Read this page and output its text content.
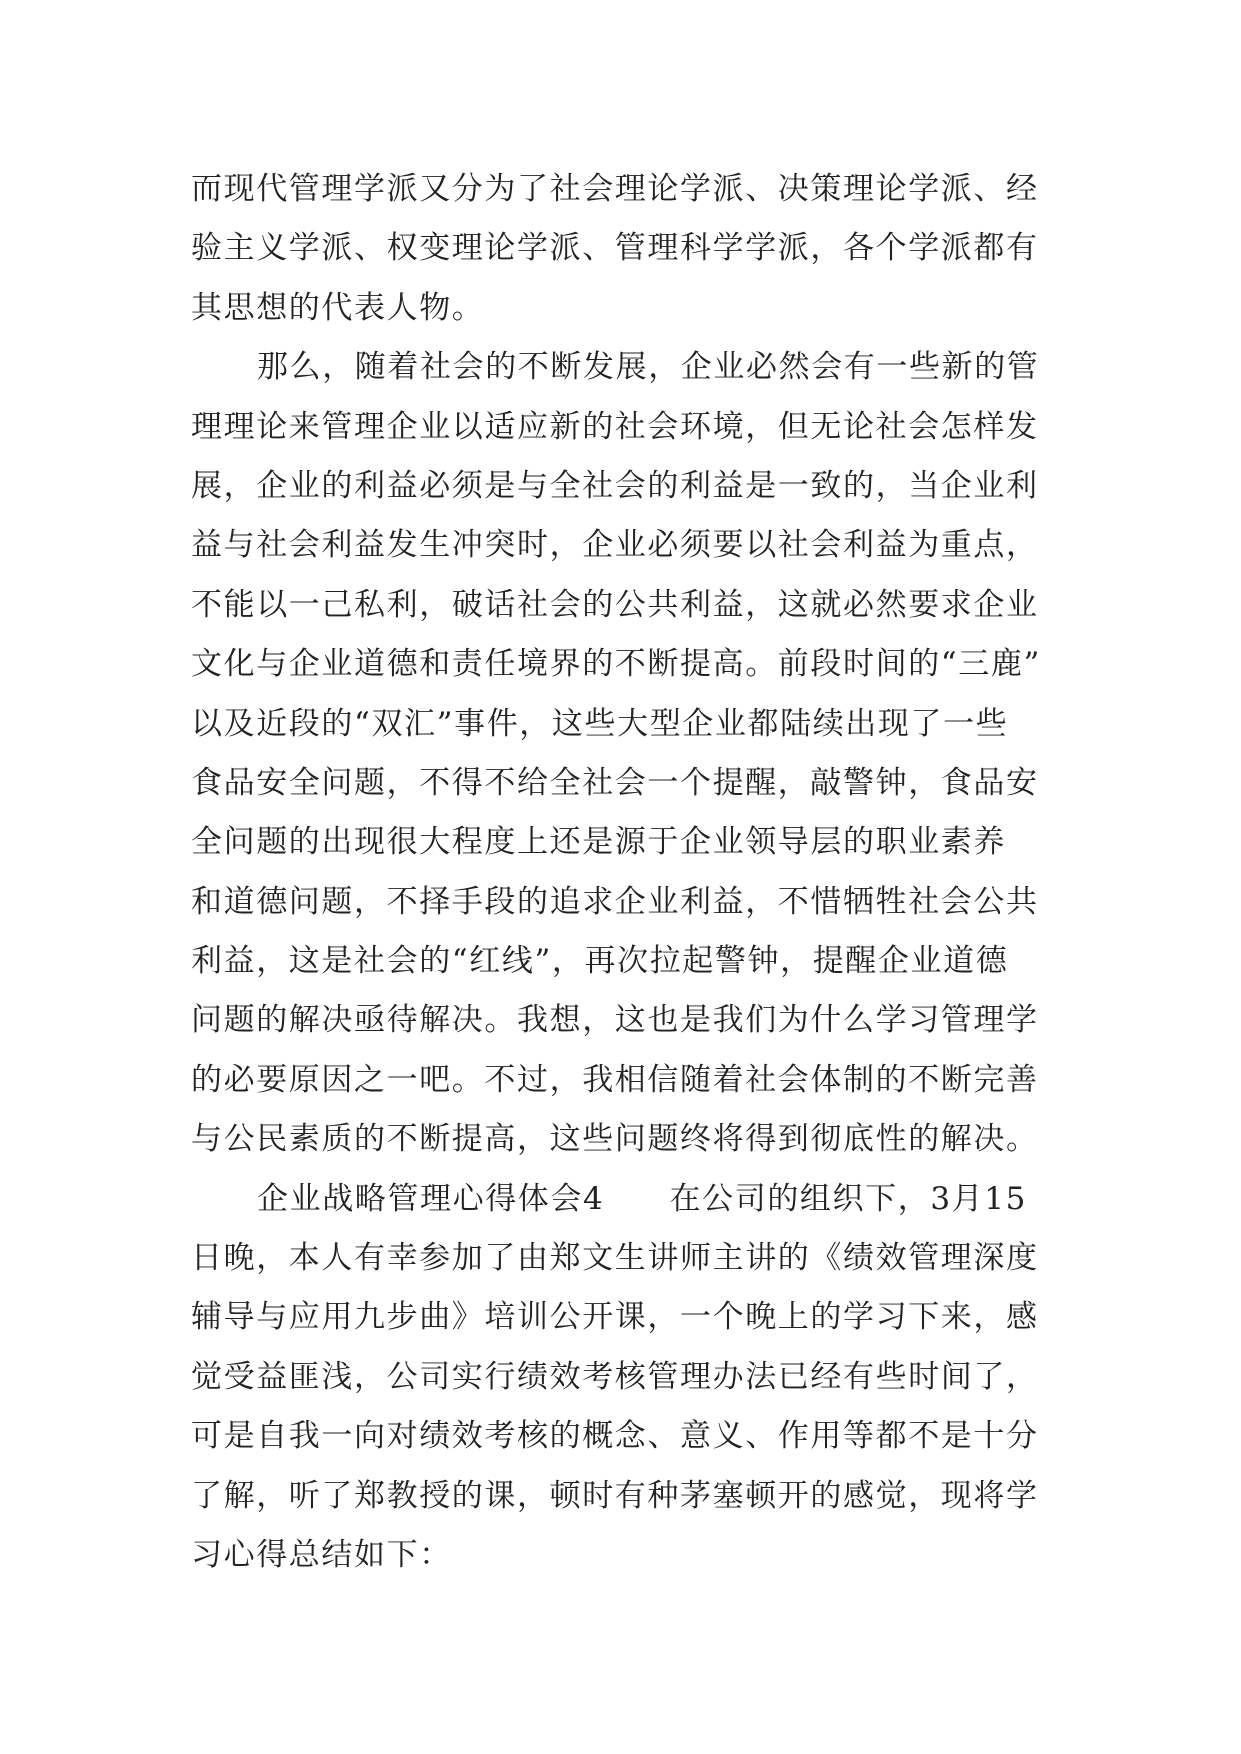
而现代管理学派又分为了社会理论学派、决策理论学派、经
验主义学派、权变理论学派、管理科学学派，各个学派都有
其思想的代表人物。
那么，随着社会的不断发展，企业必然会有一些新的管
理理论来管理企业以适应新的社会环境，但无论社会怎样发
展，企业的利益必须是与全社会的利益是一致的，当企业利
益与社会利益发生冲突时，企业必须要以社会利益为重点，
不能以一己私利，破话社会的公共利益，这就必然要求企业
文化与企业道德和责任境界的不断提高。前段时间的“三鹿”
以及近段的“双汇”事件，这些大型企业都陆续出现了一些
食品安全问题，不得不给全社会一个提醒，敲警钟，食品安
全问题的出现很大程度上还是源于企业领导层的职业素养
和道德问题，不择手段的追求企业利益，不惜牺牲社会公共
利益，这是社会的“红线”，再次拉起警钟，提醒企业道德
问题的解决亟待解决。我想，这也是我们为什么学习管理学
的必要原因之一吧。不过，我相信随着社会体制的不断完善
与公民素质的不断提高，这些问题终将得到彻底性的解决。
企业战略管理心得体会4　　在公司的组织下，3月15
日晚，本人有幸参加了由郑文生讲师主讲的《绩效管理深度
辅导与应用九步曲》培训公开课，一个晚上的学习下来，感
觉受益匪浅，公司实行绩效考核管理办法已经有些时间了，
可是自我一向对绩效考核的概念、意义、作用等都不是十分
了解，听了郑教授的课，顿时有种茅塞顿开的感觉，现将学
习心得总结如下：
